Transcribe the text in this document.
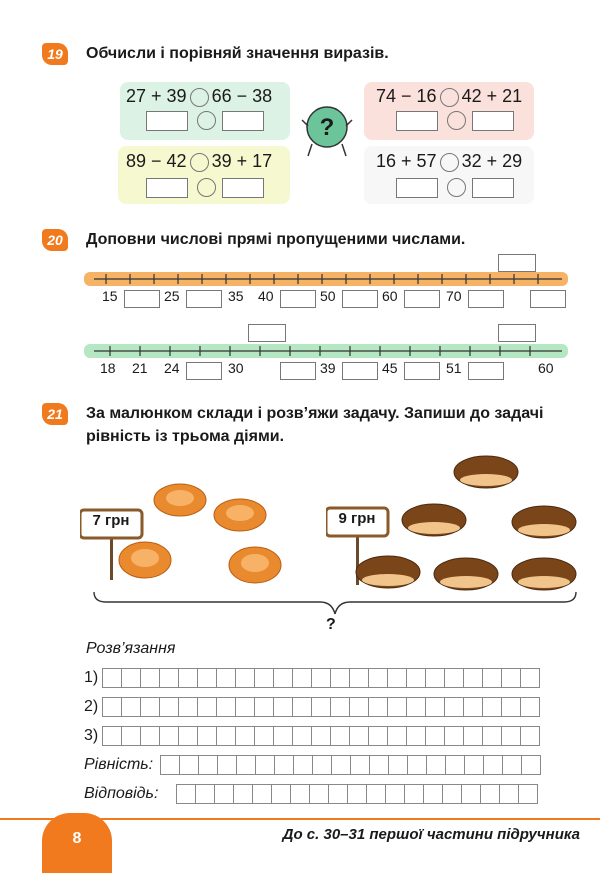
19	Обчисли і порівняй значення виразів.
27 + 39 66 − 38	74 − 16 42 + 21
89 − 42 39 + 17	16 + 57 32 + 29
?
20	Доповни числові прямі пропущеними числами.
15	25	35 40	50	60	70
18 21 24	30	39	45	51	60
21	За малюнком склади і розв’яжи задачу. Запиши до задачі
рівність із трьома діями.
7 грн	9 грн
?
Розв’язання
1)
2)
3)
Рівність:
Відповідь:
8	До с. 30–31 першої частини підручника
